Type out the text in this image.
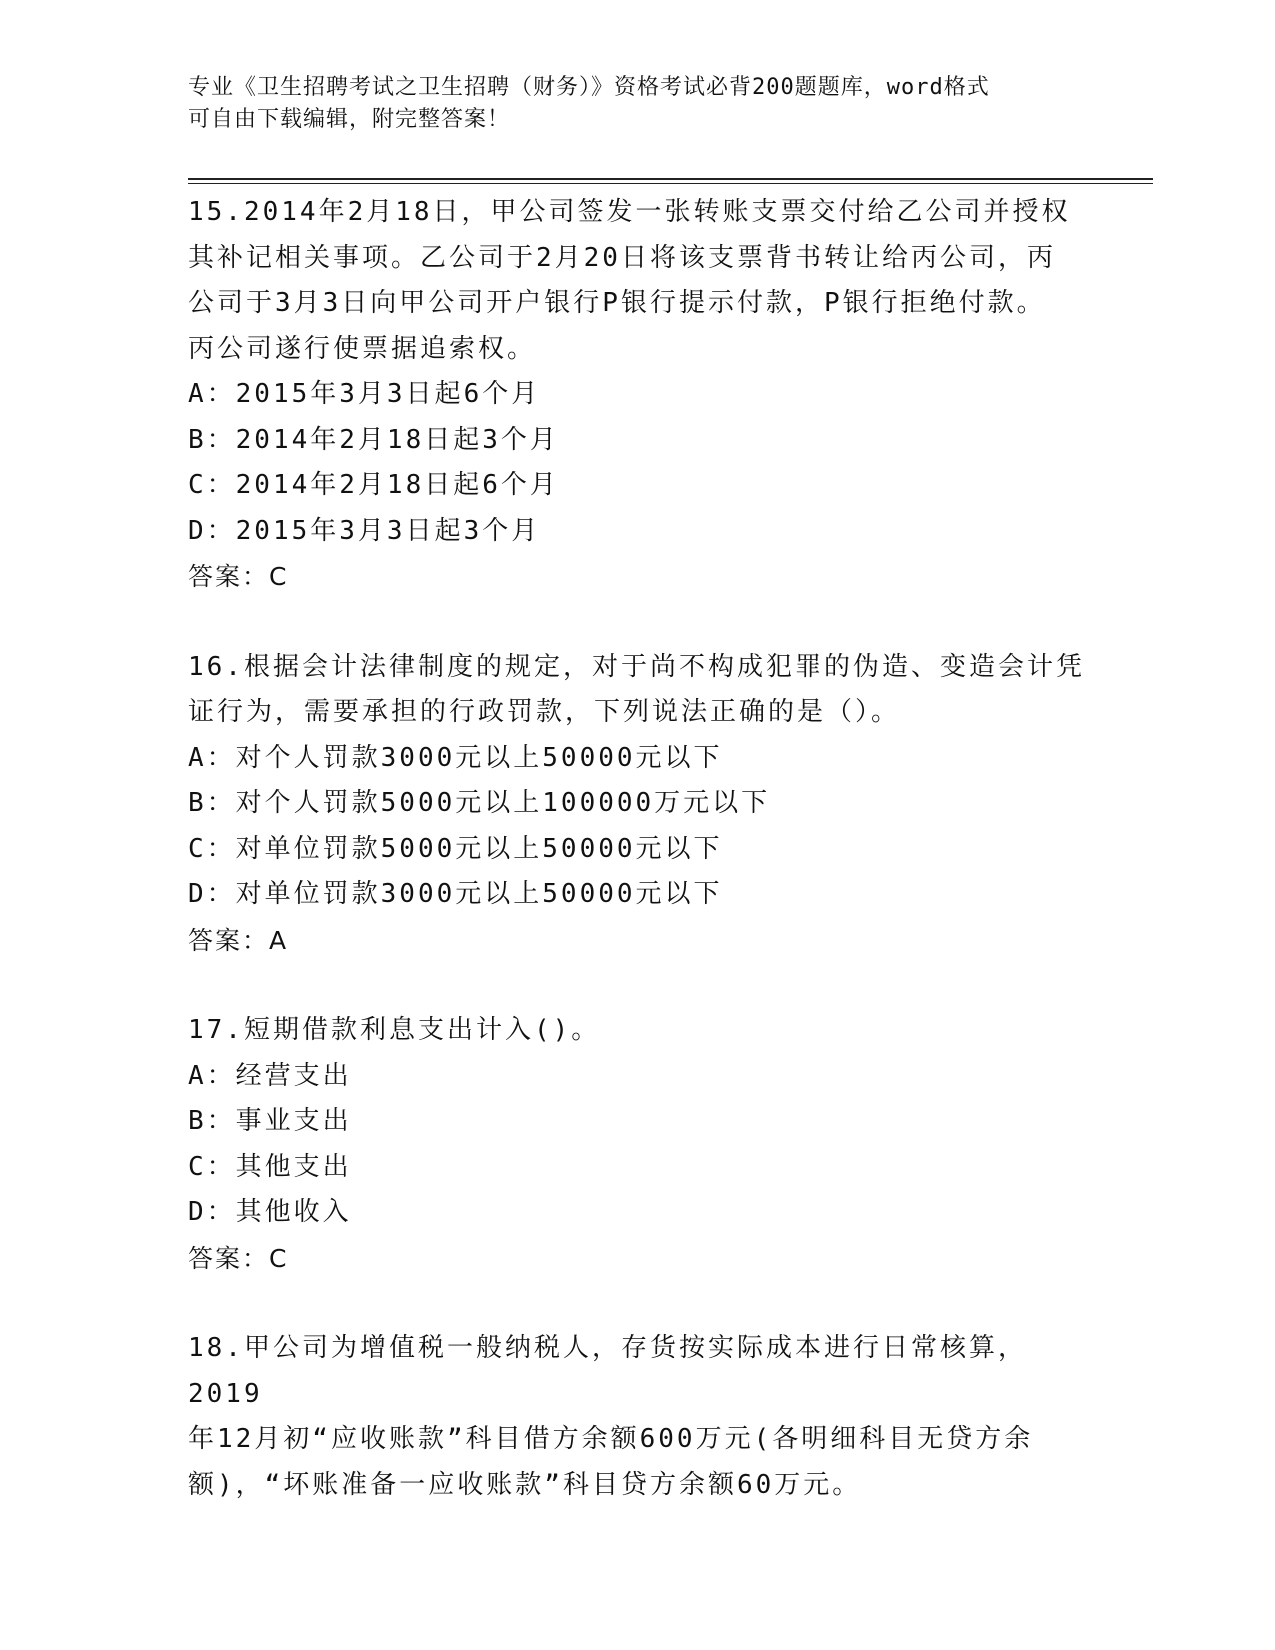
专业《卫生招聘考试之卫生招聘（财务）》资格考试必背200题题库，word格式
可自由下载编辑，附完整答案！
15.2014年2月18日，甲公司签发一张转账支票交付给乙公司并授权
其补记相关事项。乙公司于2月20日将该支票背书转让给丙公司，丙
公司于3月3日向甲公司开户银行P银行提示付款，P银行拒绝付款。
丙公司遂行使票据追索权。
A：2015年3月3日起6个月
B：2014年2月18日起3个月
C：2014年2月18日起6个月
D：2015年3月3日起3个月
答案：C
16.根据会计法律制度的规定，对于尚不构成犯罪的伪造、变造会计凭
证行为，需要承担的行政罚款，下列说法正确的是（）。
A：对个人罚款3000元以上50000元以下
B：对个人罚款5000元以上100000万元以下
C：对单位罚款5000元以上50000元以下
D：对单位罚款3000元以上50000元以下
答案：A
17.短期借款利息支出计入()。
A：经营支出
B：事业支出
C：其他支出
D：其他收入
答案：C
18.甲公司为增值税一般纳税人，存货按实际成本进行日常核算，2019
年12月初“应收账款”科目借方余额600万元(各明细科目无贷方余
额)，“坏账准备一应收账款”科目贷方余额60万元。
